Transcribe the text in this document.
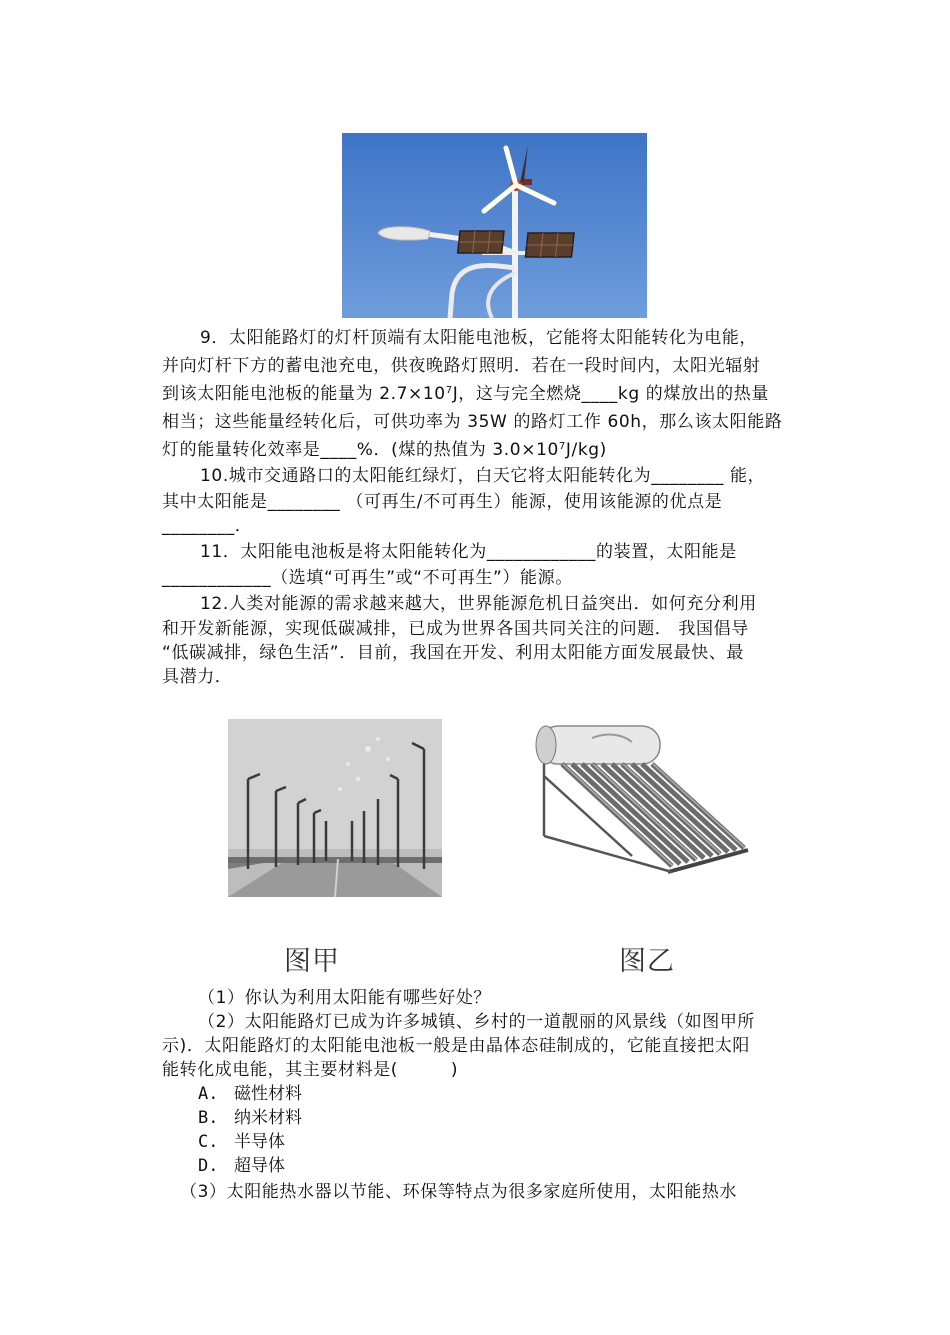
9．太阳能路灯的灯杆顶端有太阳能电池板，它能将太阳能转化为电能，
并向灯杆下方的蓄电池充电，供夜晚路灯照明．若在一段时间内，太阳光辐射
到该太阳能电池板的能量为 $2.7\times 10^7J$，这与完全燃烧____kg 的煤放出的热量
相当；这些能量经转化后，可供功率为 35W 的路灯工作 60h，那么该太阳能路
灯的能量转化效率是____%．(煤的热值为 $3.0\times 10^7J/kg$)
10.城市交通路口的太阳能红绿灯，白天它将太阳能转化为________ 能，
其中太阳能是________ （可再生/不可再生）能源，使用该能源的优点是
________．
11．太阳能电池板是将太阳能转化为____________的装置，太阳能是
____________（选填“可再生”或“不可再生”）能源。
12.人类对能源的需求越来越大，世界能源危机日益突出．如何充分利用
和开发新能源，实现低碳减排，已成为世界各国共同关注的问题． 我国倡导
“低碳减排，绿色生活”．目前，我国在开发、利用太阳能方面发展最快、最
具潜力．
图甲	图乙
（1）你认为利用太阳能有哪些好处？
（2）太阳能路灯已成为许多城镇、乡村的一道靓丽的风景线（如图甲所
示)．太阳能路灯的太阳能电池板一般是由晶体态硅制成的，它能直接把太阳
能转化成电能，其主要材料是(　　　)
A. 磁性材料
B. 纳米材料
C. 半导体
D. 超导体
（3）太阳能热水器以节能、环保等特点为很多家庭所使用，太阳能热水
